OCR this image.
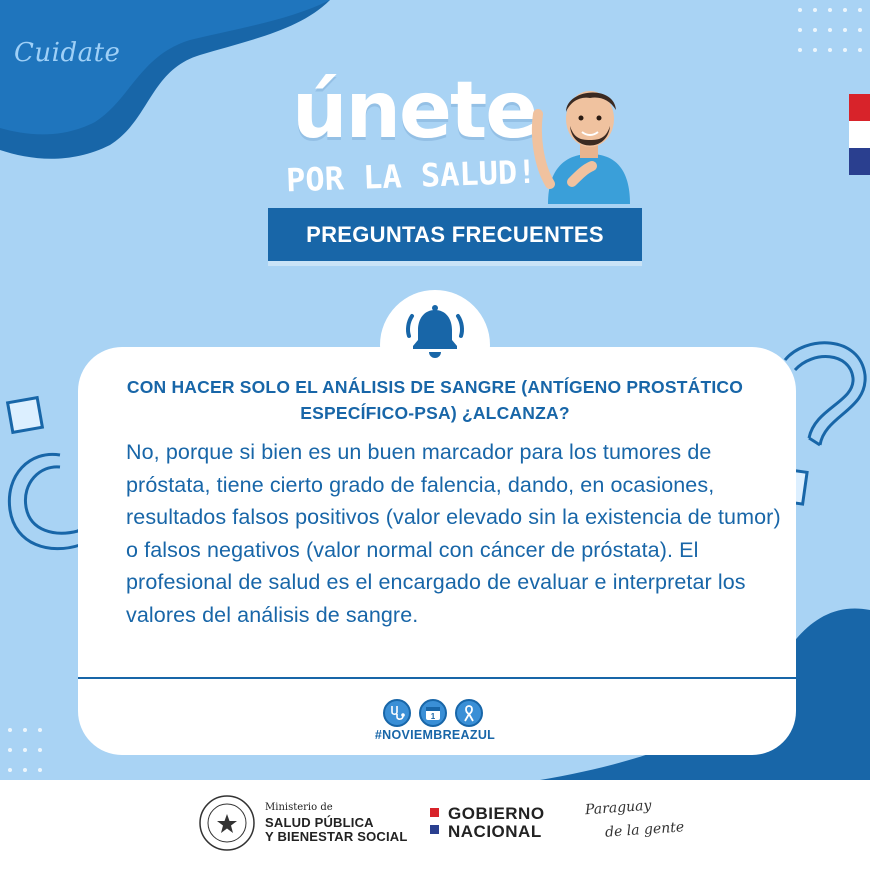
Cuidate
únete
POR LA SALUD!
PREGUNTAS FRECUENTES
CON HACER SOLO EL ANÁLISIS DE SANGRE (ANTÍGENO PROSTÁTICO ESPECÍFICO-PSA) ¿ALCANZA?
No, porque si bien es un buen marcador para los tumores de próstata, tiene cierto grado de falencia, dando, en ocasiones, resultados falsos positivos (valor elevado sin la existencia de tumor) o falsos negativos (valor normal con cáncer de próstata). El profesional de salud es el encargado de evaluar e interpretar los valores del análisis de sangre.
1
#NOVIEMBREAZUL
Ministerio de
SALUD PÚBLICA
Y BIENESTAR SOCIAL
GOBIERNO
NACIONAL
Paraguay
de la gente
